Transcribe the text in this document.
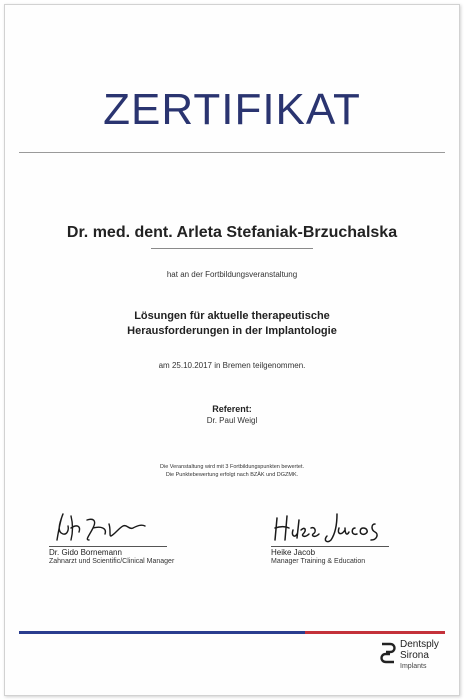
ZERTIFIKAT
Dr. med. dent. Arleta Stefaniak-Brzuchalska
hat an der Fortbildungsveranstaltung
Lösungen für aktuelle therapeutische
Herausforderungen in der Implantologie
am 25.10.2017 in Bremen teilgenommen.
Referent:
Dr. Paul Weigl
Die Veranstaltung wird mit 3 Fortbildungspunkten bewertet.
Die Punktebewertung erfolgt nach BZÄK und DGZMK.
Dr. Gido Bornemann
Zahnarzt und Scientific/Clinical Manager
Heike Jacob
Manager Training & Education
Dentsply
Sirona
Implants
